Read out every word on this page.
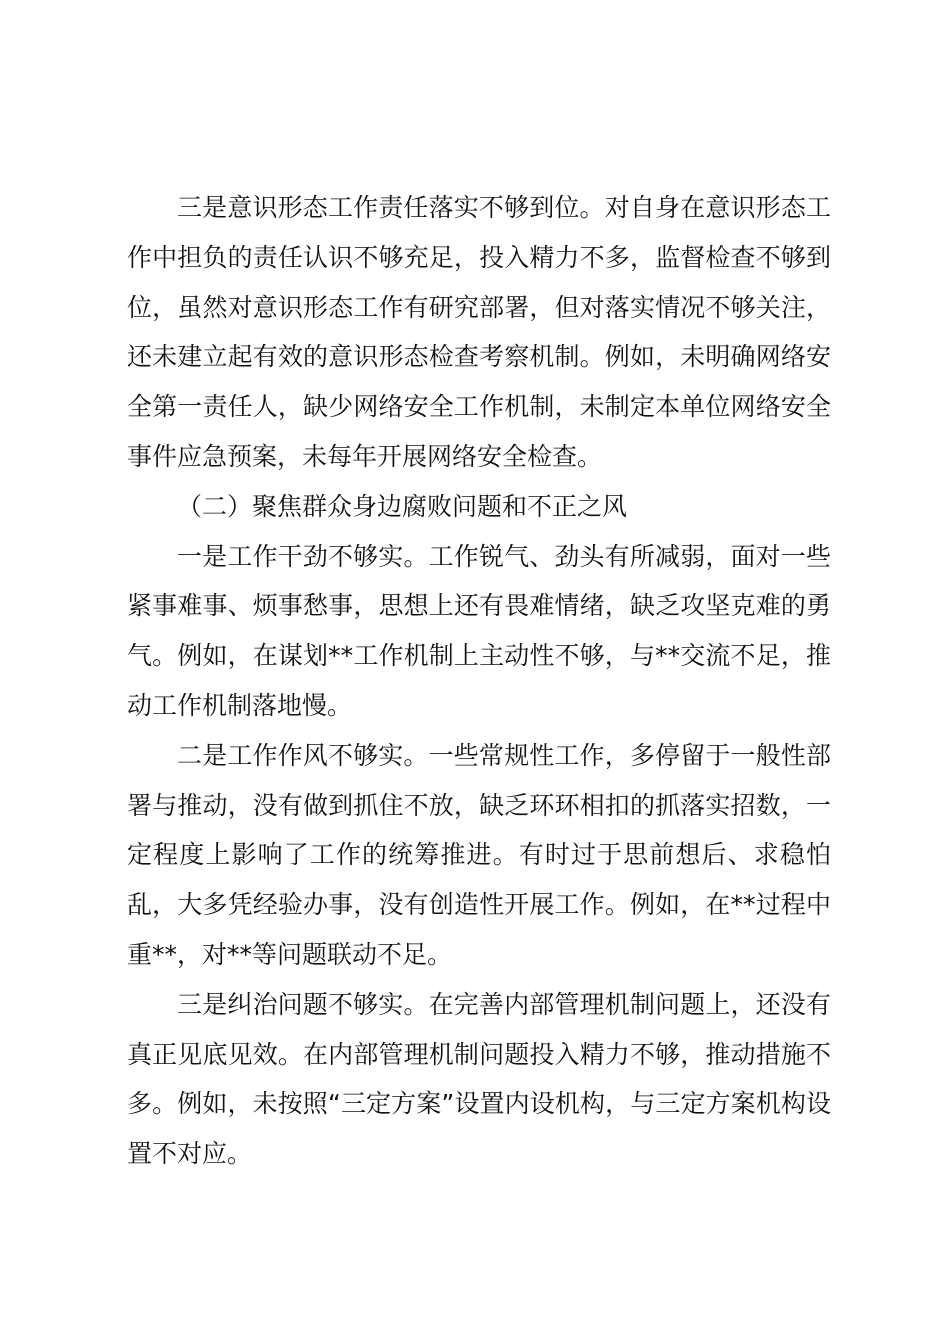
三是意识形态工作责任落实不够到位。对自身在意识形态工作中担负的责任认识不够充足，投入精力不多，监督检查不够到位，虽然对意识形态工作有研究部署，但对落实情况不够关注，还未建立起有效的意识形态检查考察机制。例如，未明确网络安全第一责任人，缺少网络安全工作机制，未制定本单位网络安全事件应急预案，未每年开展网络安全检查。

（二）聚焦群众身边腐败问题和不正之风

一是工作干劲不够实。工作锐气、劲头有所减弱，面对一些紧事难事、烦事愁事，思想上还有畏难情绪，缺乏攻坚克难的勇气。例如，在谋划**工作机制上主动性不够，与**交流不足，推动工作机制落地慢。

二是工作作风不够实。一些常规性工作，多停留于一般性部署与推动，没有做到抓住不放，缺乏环环相扣的抓落实招数，一定程度上影响了工作的统筹推进。有时过于思前想后、求稳怕乱，大多凭经验办事，没有创造性开展工作。例如，在**过程中重**，对**等问题联动不足。

三是纠治问题不够实。在完善内部管理机制问题上，还没有真正见底见效。在内部管理机制问题投入精力不够，推动措施不多。例如，未按照“三定方案”设置内设机构，与三定方案机构设置不对应。
